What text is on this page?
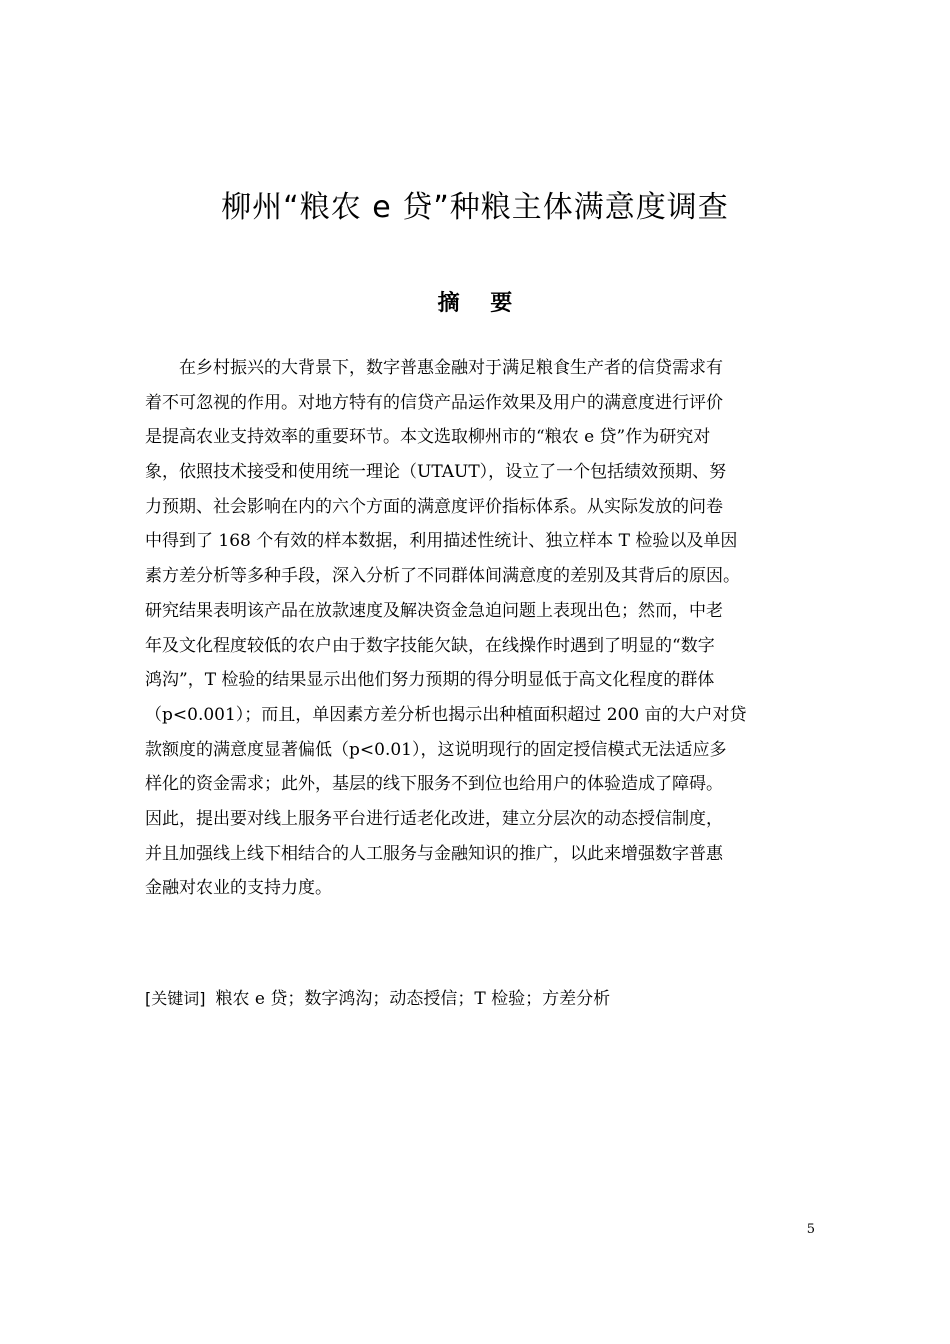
柳州“粮农 e 贷”种粮主体满意度调查
摘    要
在乡村振兴的大背景下，数字普惠金融对于满足粮食生产者的信贷需求有
着不可忽视的作用。对地方特有的信贷产品运作效果及用户的满意度进行评价
是提高农业支持效率的重要环节。本文选取柳州市的“粮农 e 贷”作为研究对
象，依照技术接受和使用统一理论（UTAUT），设立了一个包括绩效预期、努
力预期、社会影响在内的六个方面的满意度评价指标体系。从实际发放的问卷
中得到了 168 个有效的样本数据，利用描述性统计、独立样本 T 检验以及单因
素方差分析等多种手段，深入分析了不同群体间满意度的差别及其背后的原因。
研究结果表明该产品在放款速度及解决资金急迫问题上表现出色；然而，中老
年及文化程度较低的农户由于数字技能欠缺，在线操作时遇到了明显的“数字
鸿沟”，T 检验的结果显示出他们努力预期的得分明显低于高文化程度的群体
（p<0.001）；而且，单因素方差分析也揭示出种植面积超过 200 亩的大户对贷
款额度的满意度显著偏低（p<0.01），这说明现行的固定授信模式无法适应多
样化的资金需求；此外，基层的线下服务不到位也给用户的体验造成了障碍。
因此，提出要对线上服务平台进行适老化改进，建立分层次的动态授信制度，
并且加强线上线下相结合的人工服务与金融知识的推广，以此来增强数字普惠
金融对农业的支持力度。
[关键词] 粮农 e 贷；数字鸿沟；动态授信；T 检验；方差分析
5
